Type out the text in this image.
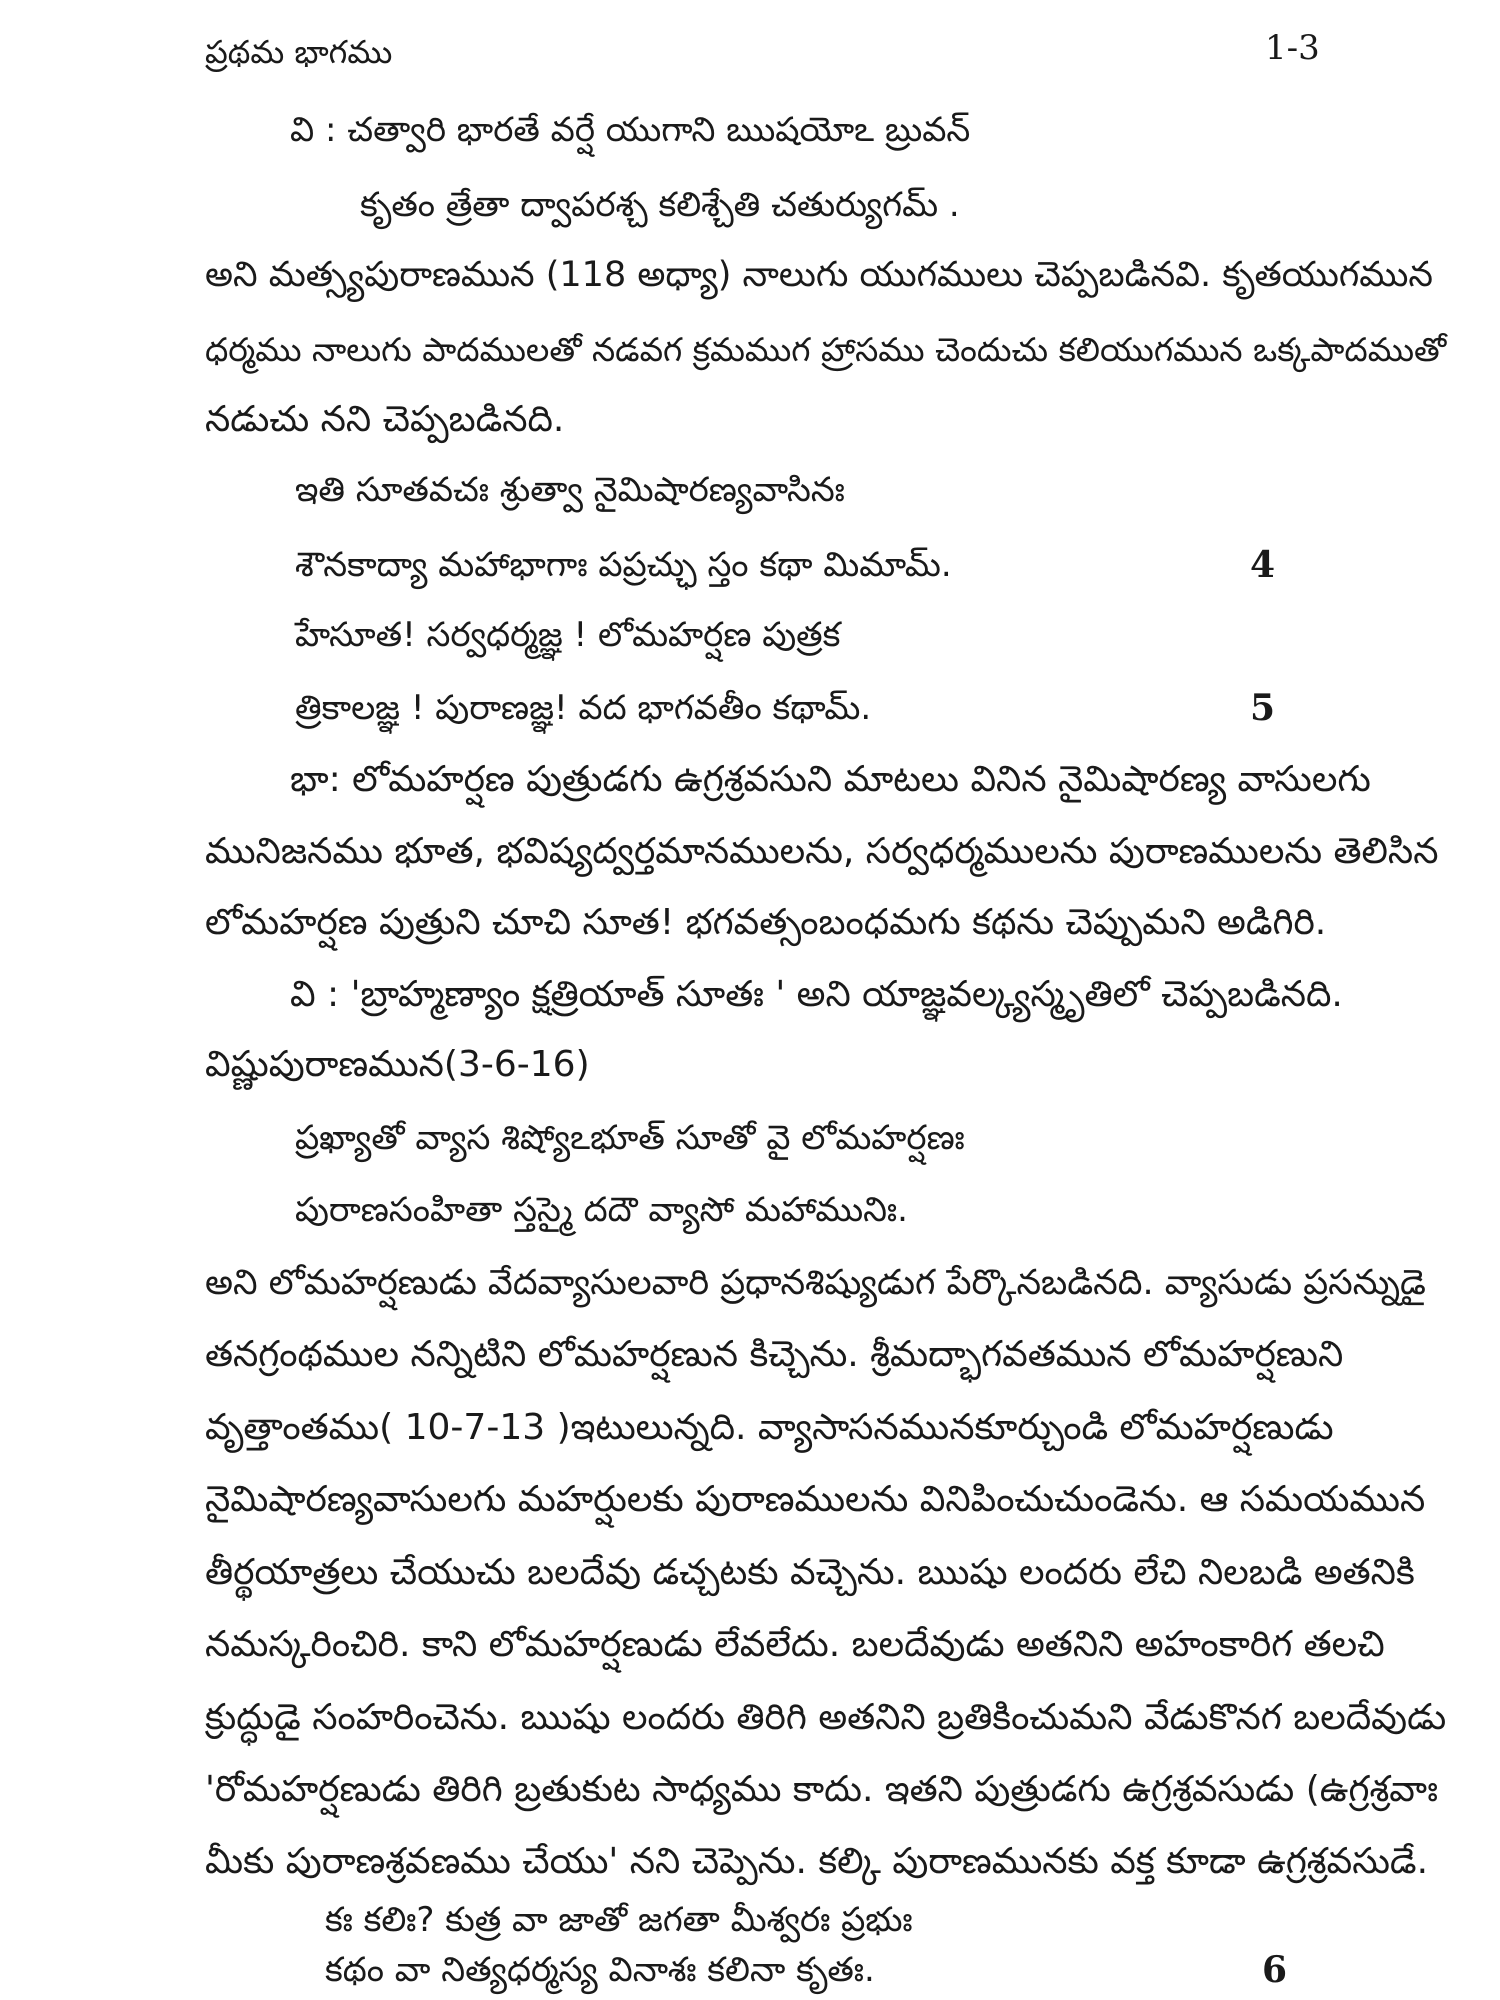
ప్రథమ భాగము	1-3
వి : చత్వారి భారతే వర్షే యుగాని ఋషయోఽ బ్రువన్
కృతం త్రేతా ద్వాపరశ్చ కలిశ్చేతి చతుర్యుగమ్ .
అని మత్స్యపురాణమున (118 అధ్యా) నాలుగు యుగములు చెప్పబడినవి. కృతయుగమున
ధర్మము నాలుగు పాదములతో నడవగ క్రమముగ హ్రాసము చెందుచు కలియుగమున ఒక్కపాదముతో
నడుచు నని చెప్పబడినది.
ఇతి సూతవచః శ్రుత్వా నైమిషారణ్యవాసినః
శౌనకాద్యా మహాభాగాః పప్రచ్ఛు స్తం కథా మిమామ్.	4
హేసూత! సర్వధర్మజ్ఞ ! లోమహర్షణ పుత్రక
త్రికాలజ్ఞ ! పురాణజ్ఞ! వద భాగవతీం కథామ్.	5
భా: లోమహర్షణ పుత్రుడగు ఉగ్రశ్రవసుని మాటలు వినిన నైమిషారణ్య వాసులగు
మునిజనము భూత, భవిష్యద్వర్తమానములను, సర్వధర్మములను పురాణములను తెలిసిన
లోమహర్షణ పుత్రుని చూచి సూత! భగవత్సంబంధమగు కథను చెప్పుమని అడిగిరి.
వి : 'బ్రాహ్మణ్యాం క్షత్రియాత్ సూతః ' అని యాజ్ఞవల్క్యస్మృతిలో చెప్పబడినది.
విష్ణుపురాణమున(3-6-16)
ప్రఖ్యాతో వ్యాస శిష్యోఽభూత్ సూతో వై లోమహర్షణః
పురాణసంహితా స్తస్మై దదౌ వ్యాసో మహామునిః.
అని లోమహర్షణుడు వేదవ్యాసులవారి ప్రధానశిష్యుడుగ పేర్కొనబడినది. వ్యాసుడు ప్రసన్నుడై
తనగ్రంథముల నన్నిటిని లోమహర్షణున కిచ్చెను. శ్రీమద్భాగవతమున లోమహర్షణుని
వృత్తాంతము( 10-7-13 )ఇటులున్నది. వ్యాసాసనమునకూర్చుండి లోమహర్షణుడు
నైమిషారణ్యవాసులగు మహర్షులకు పురాణములను వినిపించుచుండెను. ఆ సమయమున
తీర్థయాత్రలు చేయుచు బలదేవు డచ్చటకు వచ్చెను. ఋషు లందరు లేచి నిలబడి అతనికి
నమస్కరించిరి. కాని లోమహర్షణుడు లేవలేదు. బలదేవుడు అతనిని అహంకారిగ తలచి
క్రుద్ధుడై సంహరించెను. ఋషు లందరు తిరిగి అతనిని బ్రతికించుమని వేడుకొనగ బలదేవుడు
'రోమహర్షణుడు తిరిగి బ్రతుకుట సాధ్యము కాదు. ఇతని పుత్రుడగు ఉగ్రశ్రవసుడు (ఉగ్రశ్రవాః
మీకు పురాణశ్రవణము చేయు' నని చెప్పెను. కల్కి పురాణమునకు వక్త కూడా ఉగ్రశ్రవసుడే.
కః కలిః? కుత్ర వా జాతో జగతా మీశ్వరః ప్రభుః
కథం వా నిత్యధర్మస్య వినాశః కలినా కృతః.	6
